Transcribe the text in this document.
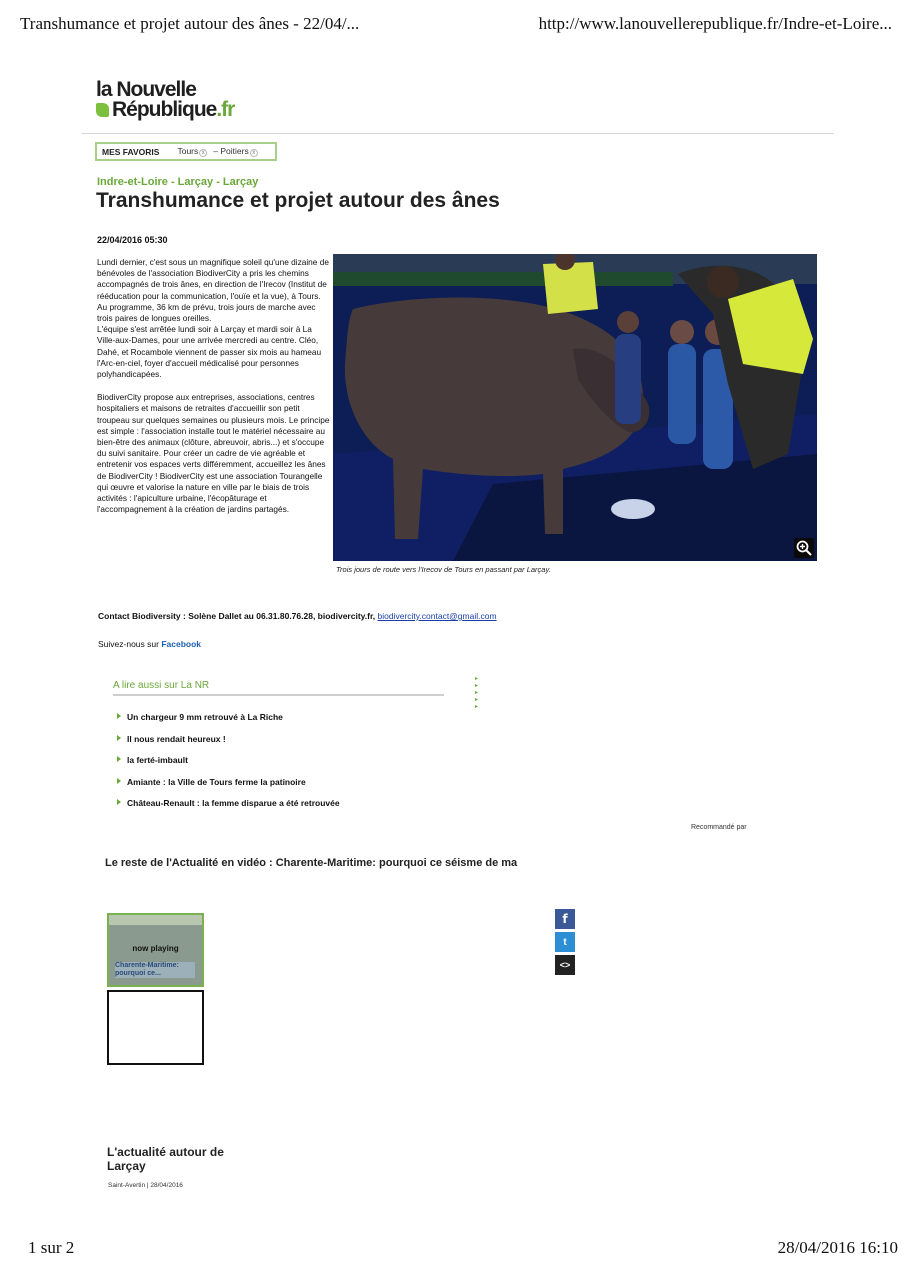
Transhumance et projet autour des ânes - 22/04/...	http://www.lanouvellerepublique.fr/Indre-et-Loire...
la Nouvelle
République.fr
MES FAVORIS Tours x – Poitiers x
Indre-et-Loire - Larçay - Larçay
Transhumance et projet autour des ânes
22/04/2016 05:30

Lundi dernier, c'est sous un magnifique soleil qu'une dizaine de bénévoles de l'association BiodiverCity a pris les chemins accompagnés de trois ânes, en direction de l'Irecov (Institut de rééducation pour la communication, l'ouïe et la vue), à Tours. Au programme, 36 km de prévu, trois jours de marche avec trois paires de longues oreilles.

L'équipe s'est arrêtée lundi soir à Larçay et mardi soir à La Ville-aux-Dames, pour une arrivée mercredi au centre. Cléo, Dahé, et Rocambole viennent de passer six mois au hameau l'Arc-en-ciel, foyer d'accueil médicalisé pour personnes polyhandicapées.

BiodiverCity propose aux entreprises, associations, centres hospitaliers et maisons de retraites d'accueillir son petit troupeau sur quelques semaines ou plusieurs mois. Le principe est simple : l'association installe tout le matériel nécessaire au bien-être des animaux (clôture, abreuvoir, abris...) et s'occupe du suivi sanitaire. Pour créer un cadre de vie agréable et entretenir vos espaces verts différemment, accueillez les ânes de BiodiverCity ! BiodiverCity est une association Tourangelle qui œuvre et valorise la nature en ville par le biais de trois activités : l'apiculture urbaine, l'écopâturage et l'accompagnement à la création de jardins partagés.

Trois jours de route vers l'Irecov de Tours en passant par Larçay.
Contact Biodiversity : Solène Dallet au 06.31.80.76.28, biodivercity.fr, biodivercity.contact@gmail.com
Suivez-nous sur Facebook
A lire aussi sur La NR
▸
▸
▸
▸
▸
Un chargeur 9 mm retrouvé à La Riche
Il nous rendait heureux !
la ferté-imbault
Amiante : la Ville de Tours ferme la patinoire
Château-Renault : la femme disparue a été retrouvée
Recommandé par
Le reste de l'Actualité en vidéo : Charente-Maritime: pourquoi ce séisme de ma
now playing
Charente-Maritime: pourquoi ce...
f
t
<>
L'actualité autour de Larçay
Saint-Avertin | 28/04/2016
1 sur 2	28/04/2016 16:10
